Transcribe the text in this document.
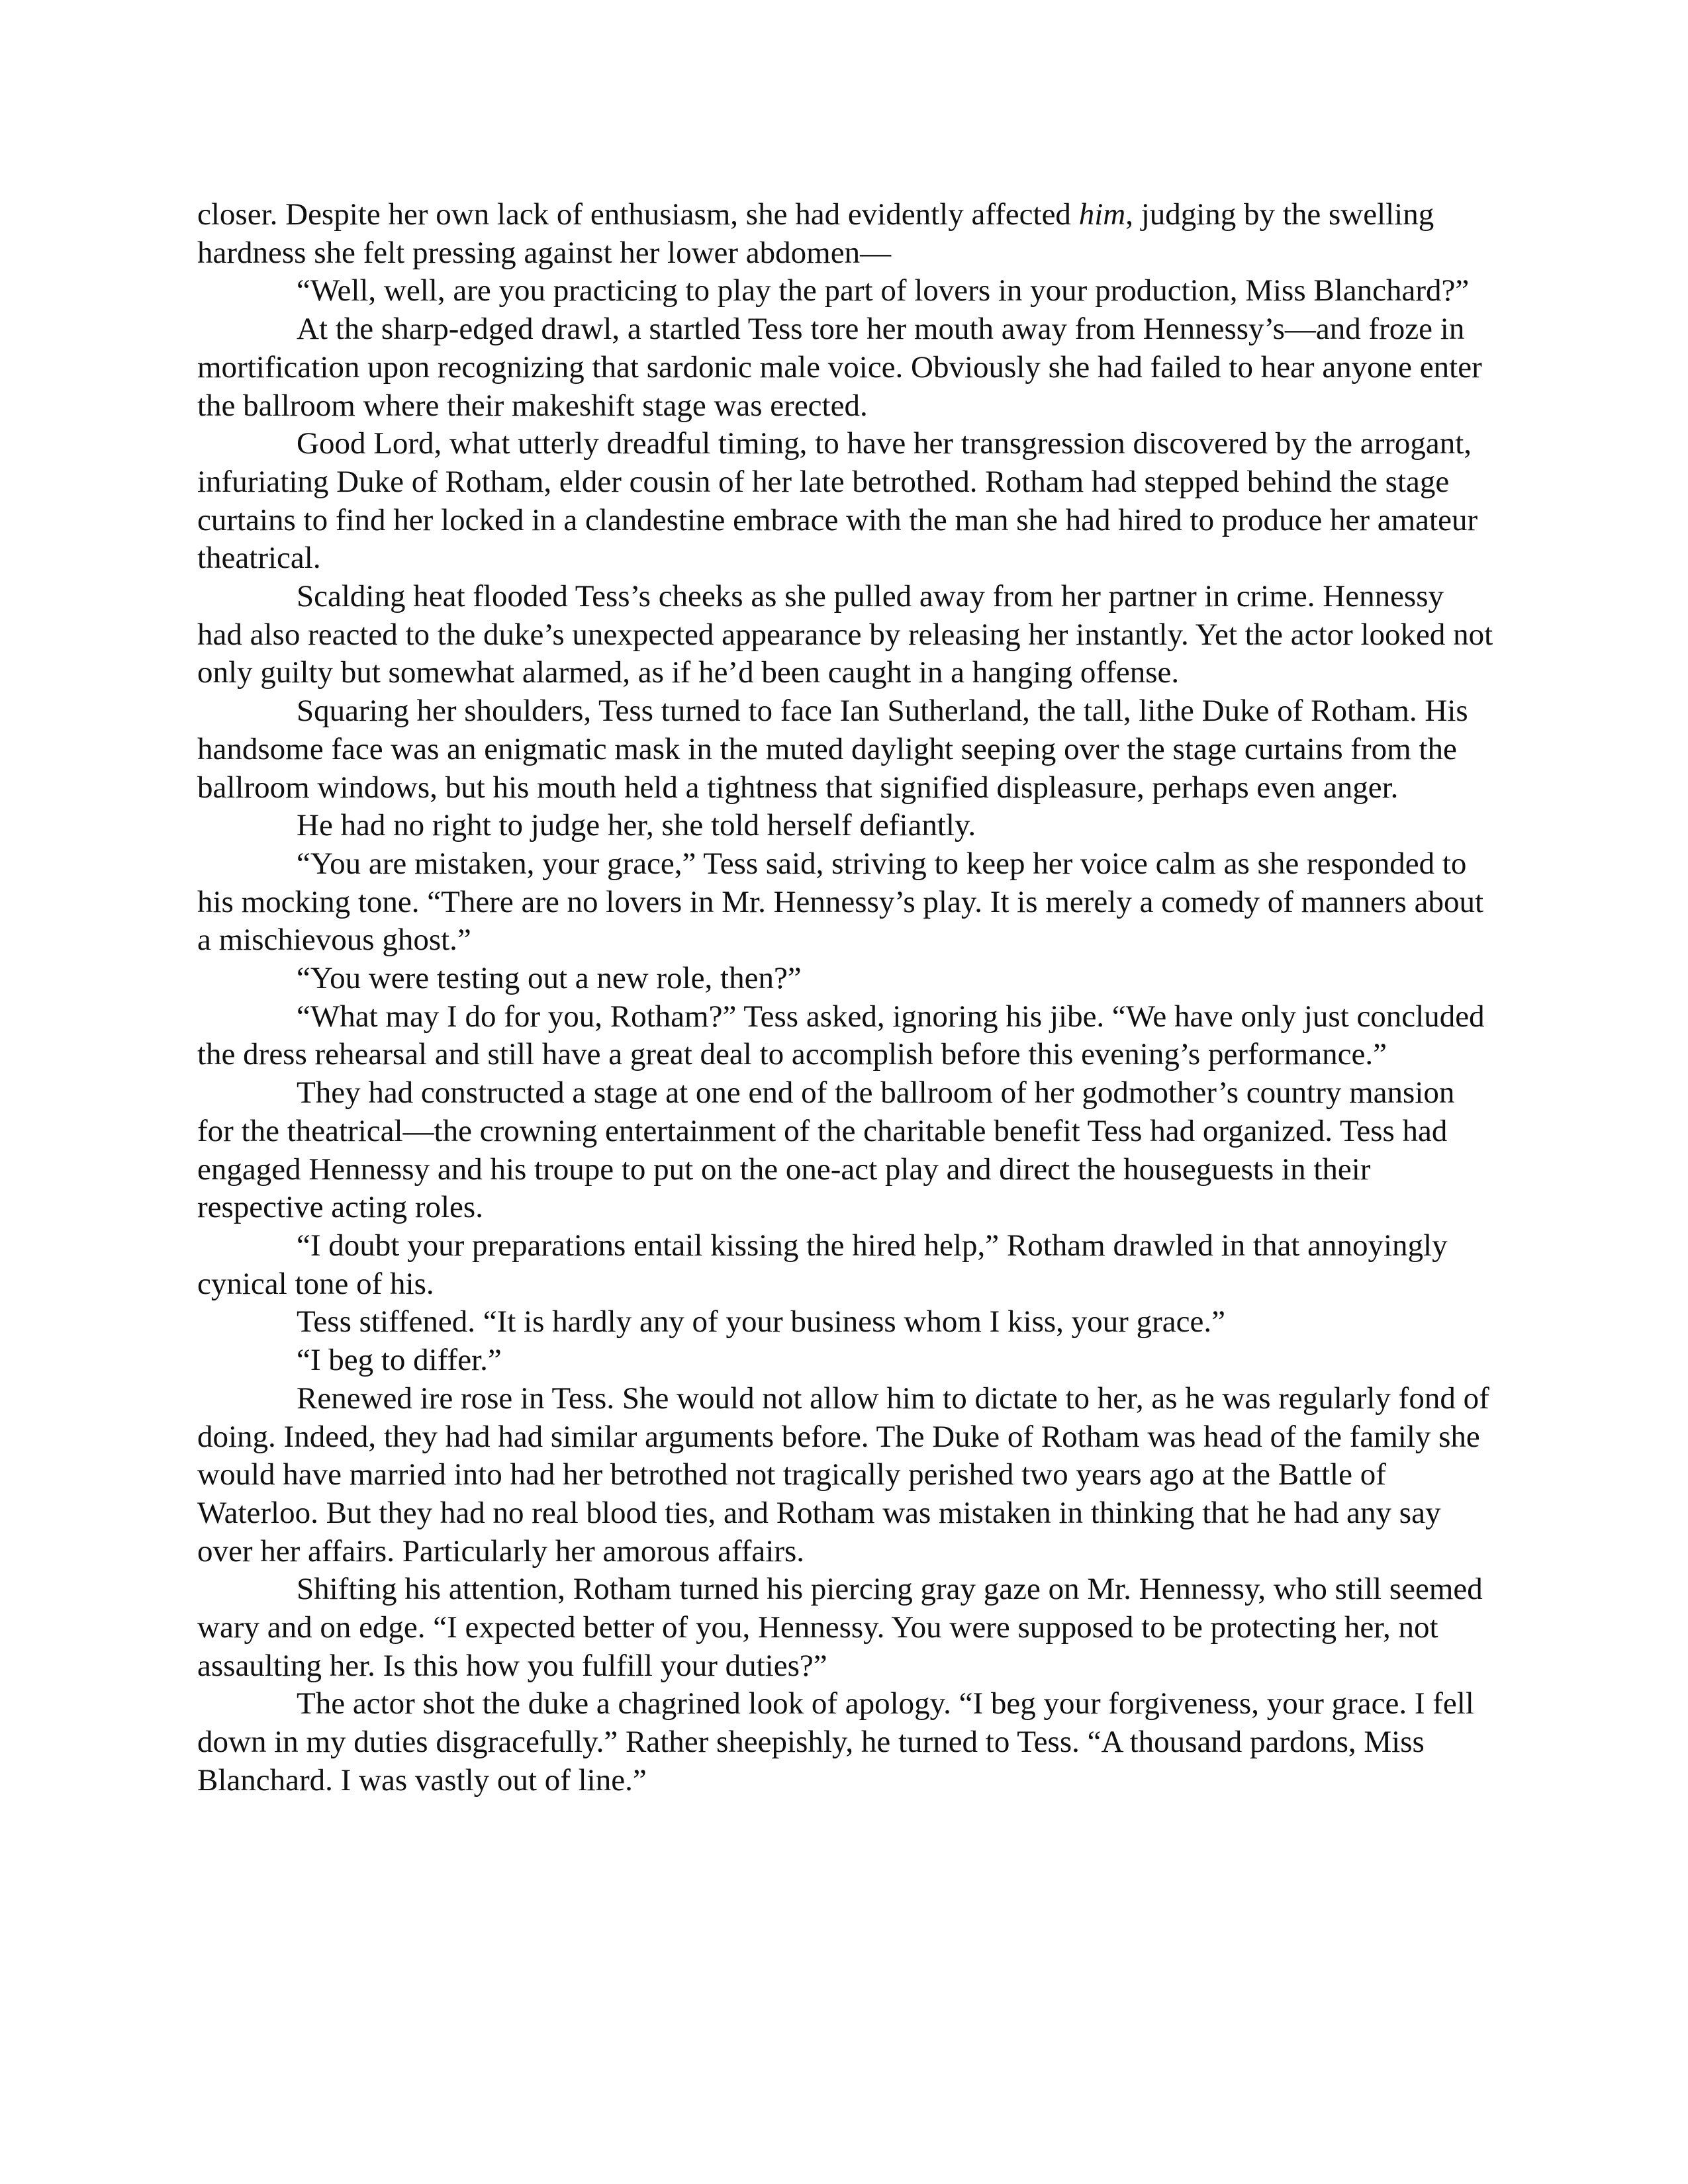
closer. Despite her own lack of enthusiasm, she had evidently affected him, judging by the swelling hardness she felt pressing against her lower abdomen—

“Well, well, are you practicing to play the part of lovers in your production, Miss Blanchard?”

At the sharp-edged drawl, a startled Tess tore her mouth away from Hennessy’s—and froze in mortification upon recognizing that sardonic male voice. Obviously she had failed to hear anyone enter the ballroom where their makeshift stage was erected.

Good Lord, what utterly dreadful timing, to have her transgression discovered by the arrogant, infuriating Duke of Rotham, elder cousin of her late betrothed. Rotham had stepped behind the stage curtains to find her locked in a clandestine embrace with the man she had hired to produce her amateur theatrical.

Scalding heat flooded Tess’s cheeks as she pulled away from her partner in crime. Hennessy had also reacted to the duke’s unexpected appearance by releasing her instantly. Yet the actor looked not only guilty but somewhat alarmed, as if he’d been caught in a hanging offense.

Squaring her shoulders, Tess turned to face Ian Sutherland, the tall, lithe Duke of Rotham. His handsome face was an enigmatic mask in the muted daylight seeping over the stage curtains from the ballroom windows, but his mouth held a tightness that signified displeasure, perhaps even anger.

He had no right to judge her, she told herself defiantly.

“You are mistaken, your grace,” Tess said, striving to keep her voice calm as she responded to his mocking tone. “There are no lovers in Mr. Hennessy’s play. It is merely a comedy of manners about a mischievous ghost.”

“You were testing out a new role, then?”

“What may I do for you, Rotham?” Tess asked, ignoring his jibe. “We have only just concluded the dress rehearsal and still have a great deal to accomplish before this evening’s performance.”

They had constructed a stage at one end of the ballroom of her godmother’s country mansion for the theatrical—the crowning entertainment of the charitable benefit Tess had organized. Tess had engaged Hennessy and his troupe to put on the one-act play and direct the houseguests in their respective acting roles.

“I doubt your preparations entail kissing the hired help,” Rotham drawled in that annoyingly cynical tone of his.

Tess stiffened. “It is hardly any of your business whom I kiss, your grace.”

“I beg to differ.”

Renewed ire rose in Tess. She would not allow him to dictate to her, as he was regularly fond of doing. Indeed, they had had similar arguments before. The Duke of Rotham was head of the family she would have married into had her betrothed not tragically perished two years ago at the Battle of Waterloo. But they had no real blood ties, and Rotham was mistaken in thinking that he had any say over her affairs. Particularly her amorous affairs.

Shifting his attention, Rotham turned his piercing gray gaze on Mr. Hennessy, who still seemed wary and on edge. “I expected better of you, Hennessy. You were supposed to be protecting her, not assaulting her. Is this how you fulfill your duties?”

The actor shot the duke a chagrined look of apology. “I beg your forgiveness, your grace. I fell down in my duties disgracefully.” Rather sheepishly, he turned to Tess. “A thousand pardons, Miss Blanchard. I was vastly out of line.”
